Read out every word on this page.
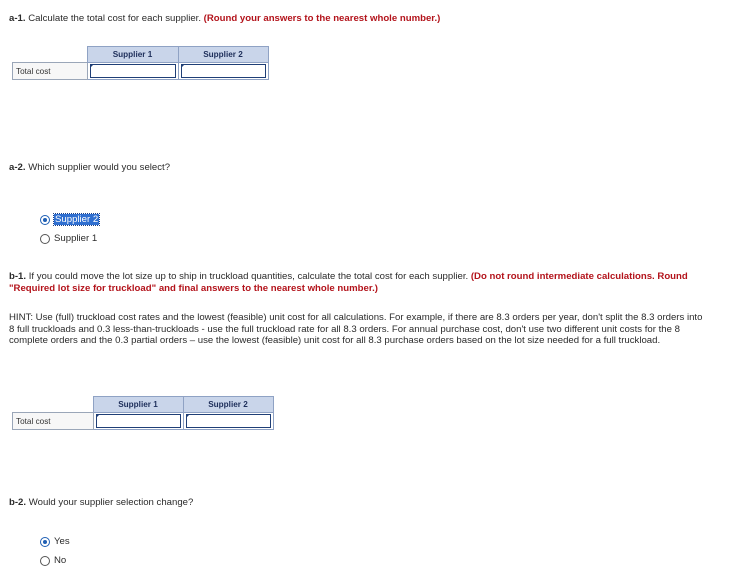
a-1. Calculate the total cost for each supplier. (Round your answers to the nearest whole number.)
	Supplier 1	Supplier 2
Total cost	

a-2. Which supplier would you select?
Supplier 2
Supplier 1
b-1. If you could move the lot size up to ship in truckload quantities, calculate the total cost for each supplier. (Do not round intermediate calculations. Round "Required lot size for truckload" and final answers to the nearest whole number.)
HINT: Use (full) truckload cost rates and the lowest (feasible) unit cost for all calculations. For example, if there are 8.3 orders per year, don't split the 8.3 orders into 8 full truckloads and 0.3 less-than-truckloads - use the full truckload rate for all 8.3 orders. For annual purchase cost, don't use two different unit costs for the 8 complete orders and the 0.3 partial orders – use the lowest (feasible) unit cost for all 8.3 purchase orders based on the lot size needed for a full truckload.
	Supplier 1	Supplier 2
Total cost	

b-2. Would your supplier selection change?
Yes
No
